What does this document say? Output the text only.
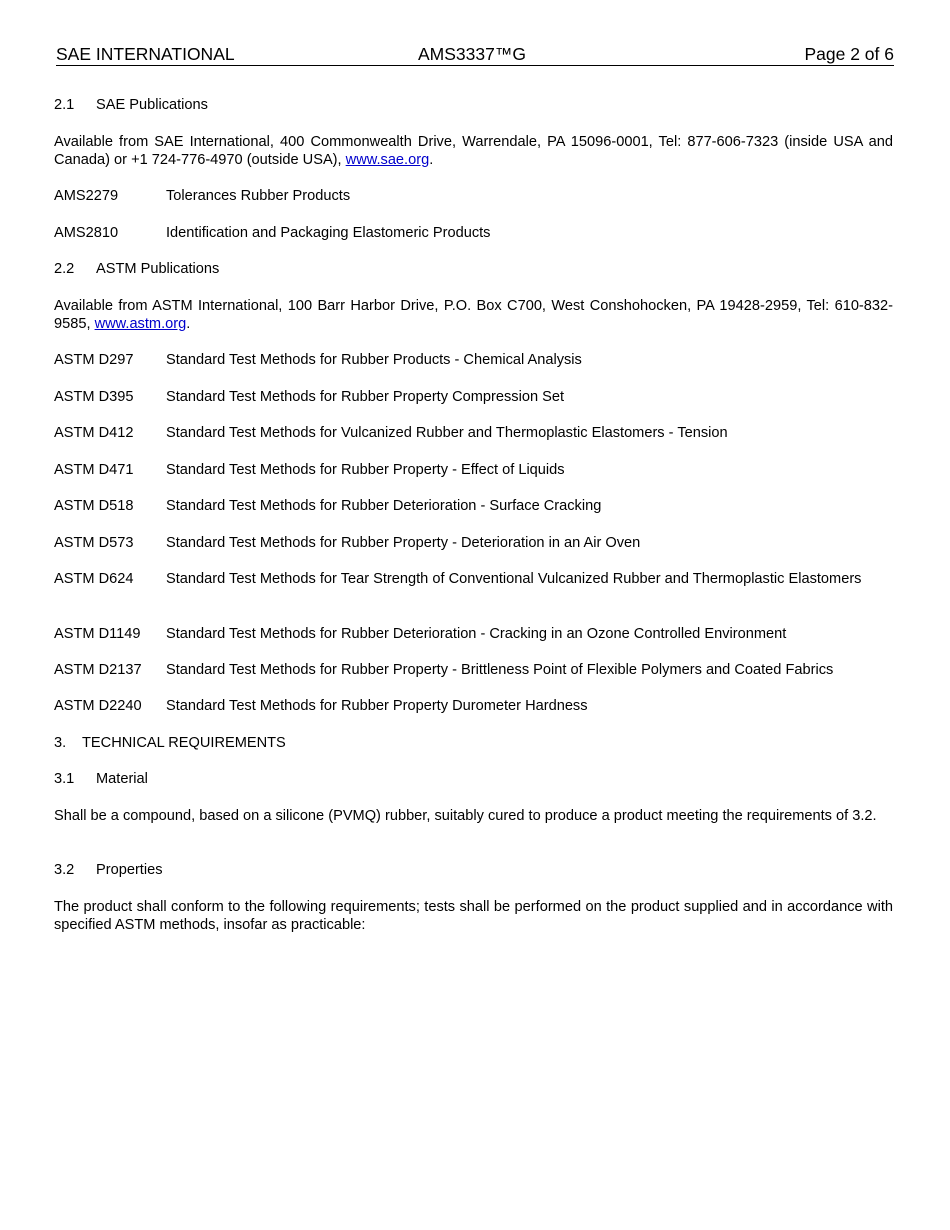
SAE INTERNATIONAL	AMS3337™G	Page 2 of 6
2.1 SAE Publications
Available from SAE International, 400 Commonwealth Drive, Warrendale, PA 15096-0001, Tel: 877-606-7323 (inside USA and Canada) or +1 724-776-4970 (outside USA), www.sae.org.
AMS2279	Tolerances Rubber Products
AMS2810	Identification and Packaging Elastomeric Products
2.2 ASTM Publications
Available from ASTM International, 100 Barr Harbor Drive, P.O. Box C700, West Conshohocken, PA 19428-2959, Tel: 610-832-9585, www.astm.org.
ASTM D297 Standard Test Methods for Rubber Products - Chemical Analysis
ASTM D395 Standard Test Methods for Rubber Property Compression Set
ASTM D412 Standard Test Methods for Vulcanized Rubber and Thermoplastic Elastomers - Tension
ASTM D471 Standard Test Methods for Rubber Property - Effect of Liquids
ASTM D518 Standard Test Methods for Rubber Deterioration - Surface Cracking
ASTM D573 Standard Test Methods for Rubber Property - Deterioration in an Air Oven
ASTM D624 Standard Test Methods for Tear Strength of Conventional Vulcanized Rubber and Thermoplastic Elastomers
ASTM D1149 Standard Test Methods for Rubber Deterioration - Cracking in an Ozone Controlled Environment
ASTM D2137 Standard Test Methods for Rubber Property - Brittleness Point of Flexible Polymers and Coated Fabrics
ASTM D2240 Standard Test Methods for Rubber Property Durometer Hardness
3. TECHNICAL REQUIREMENTS
3.1 Material
Shall be a compound, based on a silicone (PVMQ) rubber, suitably cured to produce a product meeting the requirements of 3.2.
3.2 Properties
The product shall conform to the following requirements; tests shall be performed on the product supplied and in accordance with specified ASTM methods, insofar as practicable:
